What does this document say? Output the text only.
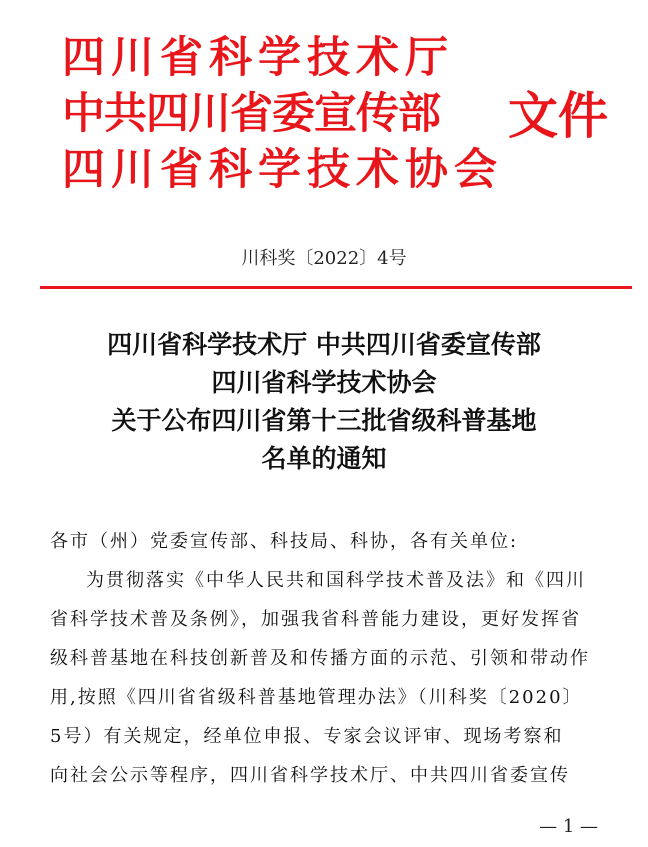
四川省科学技术厅
中共四川省委宣传部
四川省科学技术协会
文件
川科奖〔2022〕4号
四川省科学技术厅 中共四川省委宣传部
四川省科学技术协会
关于公布四川省第十三批省级科普基地
名单的通知
各市（州）党委宣传部、科技局、科协，各有关单位:
为贯彻落实《中华人民共和国科学技术普及法》和《四川
省科学技术普及条例》，加强我省科普能力建设，更好发挥省
级科普基地在科技创新普及和传播方面的示范、引领和带动作
用,按照《四川省省级科普基地管理办法》（川科奖〔2020〕
5号）有关规定，经单位申报、专家会议评审、现场考察和
向社会公示等程序，四川省科学技术厅、中共四川省委宣传
— 1 —
